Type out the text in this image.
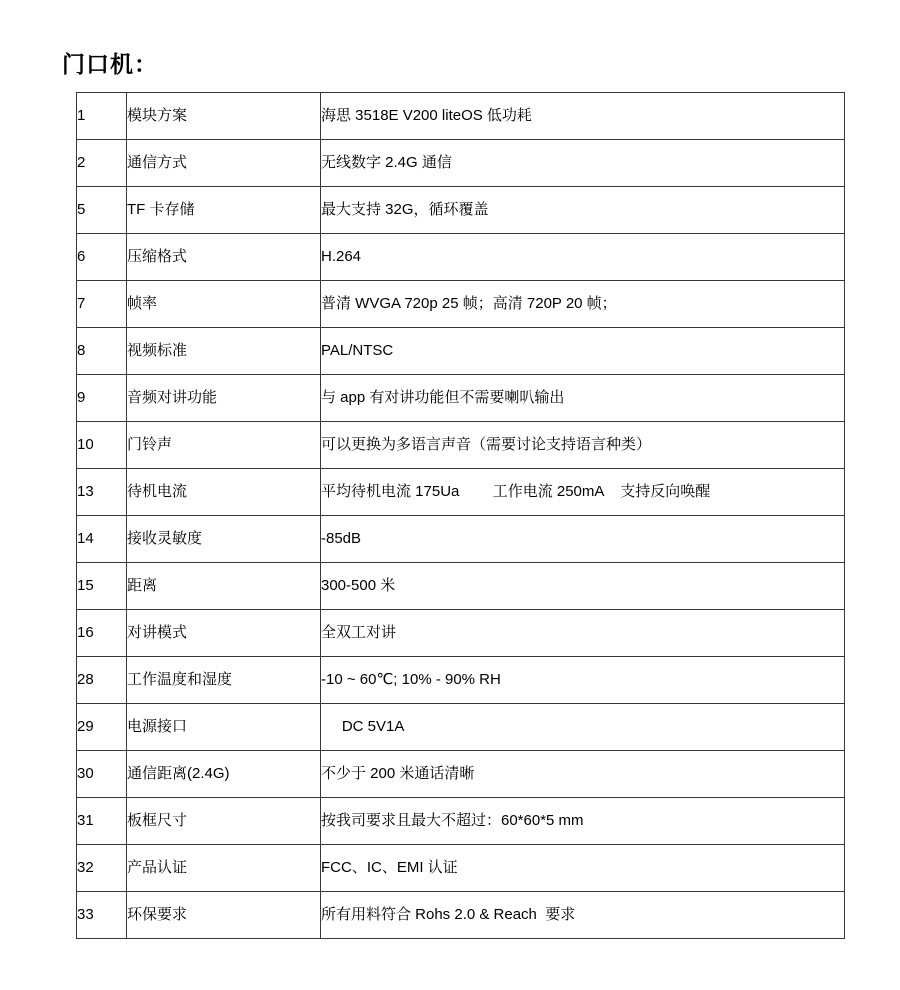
门口机：
1	模块方案	海思 3518E V200 liteOS 低功耗
2	通信方式	无线数字 2.4G 通信
5	TF 卡存储	最大支持 32G，循环覆盖
6	压缩格式	H.264
7	帧率	普清 WVGA 720p 25 帧；高清 720P 20 帧；
8	视频标准	PAL/NTSC
9	音频对讲功能	与 app 有对讲功能但不需要喇叭输出
10	门铃声	可以更换为多语言声音（需要讨论支持语言种类）
13	待机电流	平均待机电流 175Ua        工作电流 250mA    支持反向唤醒
14	接收灵敏度	-85dB
15	距离	300-500 米
16	对讲模式	全双工对讲
28	工作温度和湿度	-10 ~ 60℃; 10% - 90% RH
29	电源接口	DC 5V1A
30	通信距离(2.4G)	不少于 200 米通话清晰
31	板框尺寸	按我司要求且最大不超过：60*60*5 mm
32	产品认证	FCC、IC、EMI 认证
33	环保要求	所有用料符合 Rohs 2.0 & Reach  要求
